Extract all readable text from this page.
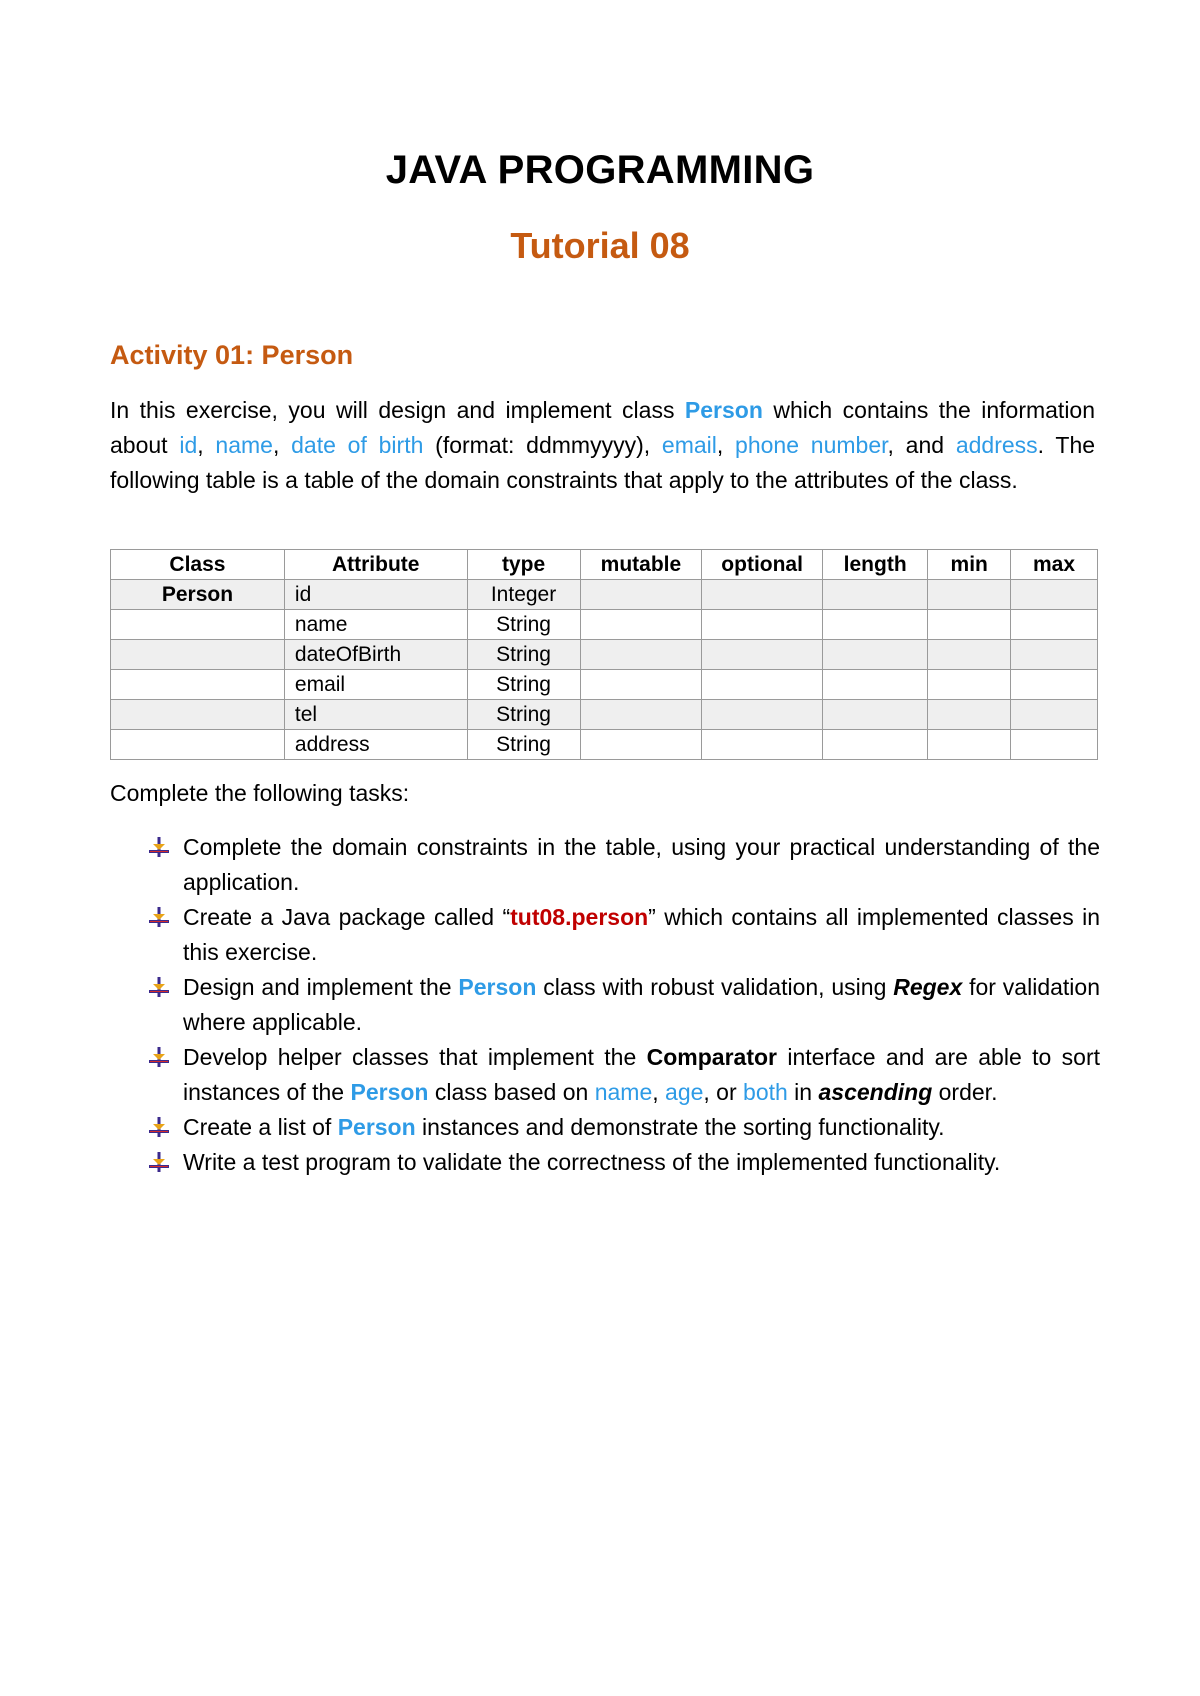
JAVA PROGRAMMING
Tutorial 08
Activity 01: Person

In this exercise, you will design and implement class Person which contains the information about id, name, date of birth (format: ddmmyyyy), email, phone number, and address. The following table is a table of the domain constraints that apply to the attributes of the class.

Class	Attribute	type	mutable	optional	length	min	max
Person	id	Integer					
	name	String					
	dateOfBirth	String					
	email	String					
	tel	String					
	address	String					

Complete the following tasks:

Complete the domain constraints in the table, using your practical understanding of the application.
Create a Java package called “tut08.person” which contains all implemented classes in this exercise.
Design and implement the Person class with robust validation, using Regex for validation where applicable.
Develop helper classes that implement the Comparator interface and are able to sort instances of the Person class based on name, age, or both in ascending order.
Create a list of Person instances and demonstrate the sorting functionality.
Write a test program to validate the correctness of the implemented functionality.
